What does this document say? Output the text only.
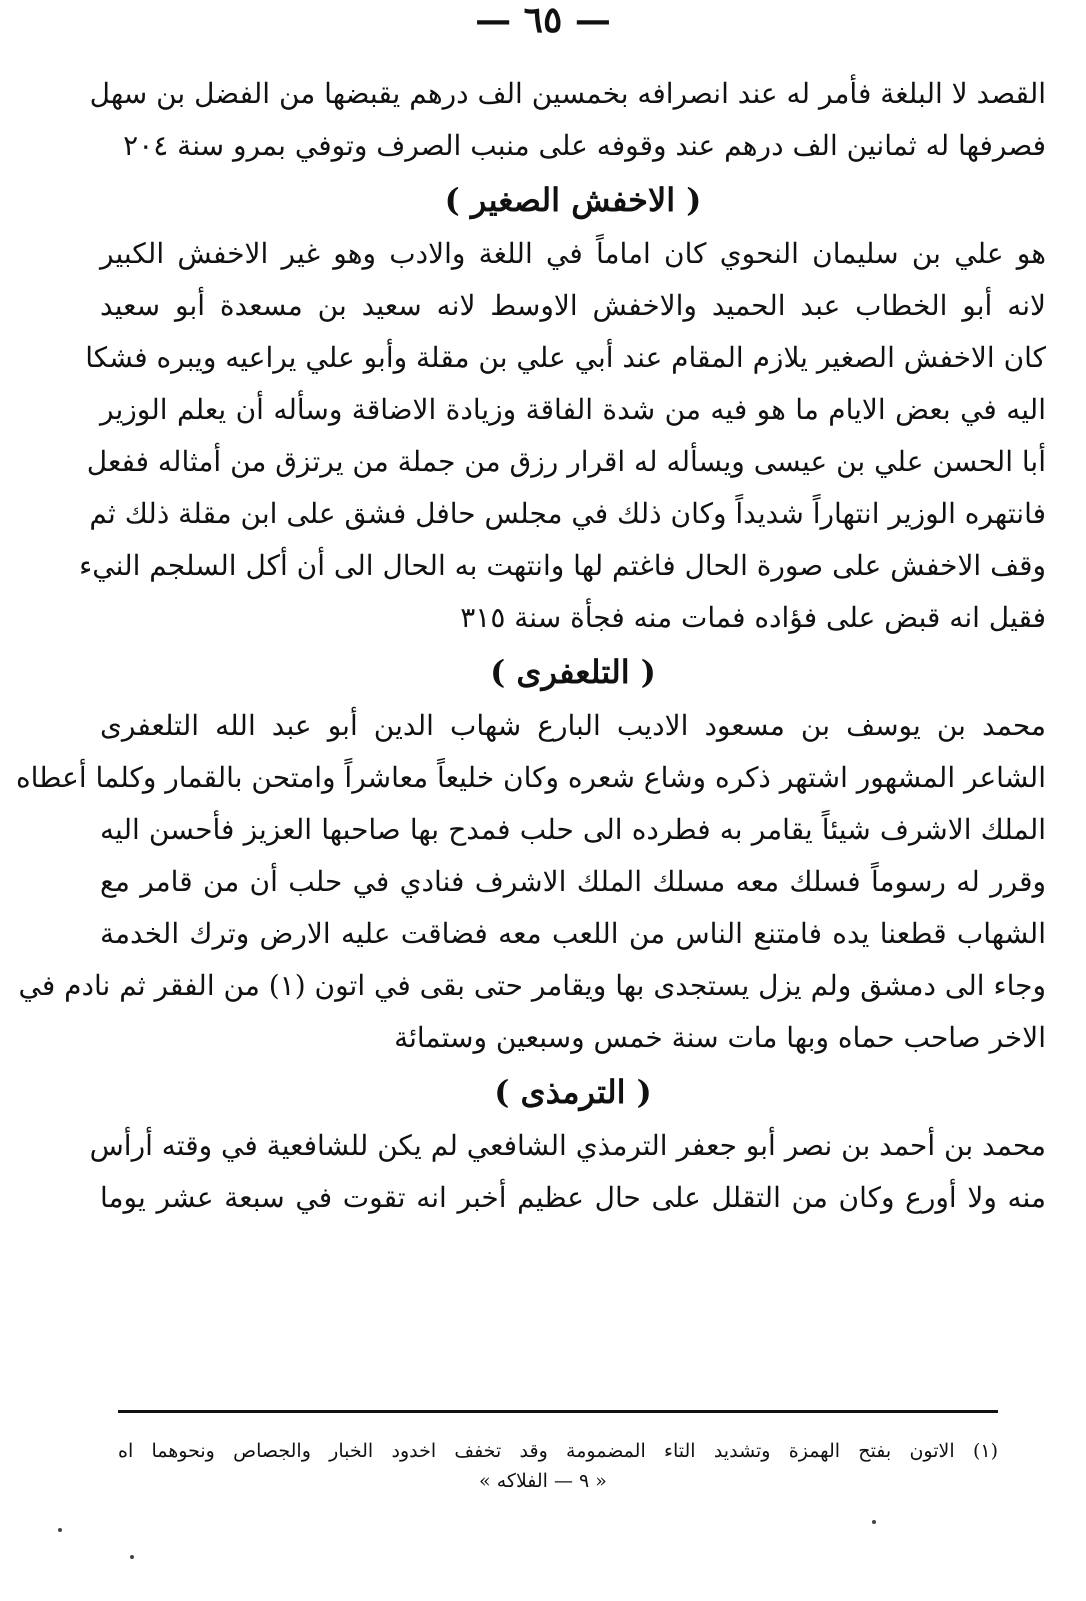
— ٦٥ —
القصد لا البلغة فأمر له عند انصرافه بخمسين الف درهم يقبضها من الفضل بن سهل
فصرفها له ثمانين الف درهم عند وقوفه على منبب الصرف وتوفي بمرو سنة ٢٠٤
( الاخفش الصغير )
هو علي بن سليمان النحوي كان اماماً في اللغة والادب وهو غير الاخفش الكبير
لانه أبو الخطاب عبد الحميد والاخفش الاوسط لانه سعيد بن مسعدة أبو سعيد
كان الاخفش الصغير يلازم المقام عند أبي علي بن مقلة وأبو علي يراعيه ويبره فشكا
اليه في بعض الايام ما هو فيه من شدة الفاقة وزيادة الاضاقة وسأله أن يعلم الوزير
أبا الحسن علي بن عيسى ويسأله له اقرار رزق من جملة من يرتزق من أمثاله ففعل
فانتهره الوزير انتهاراً شديداً وكان ذلك في مجلس حافل فشق على ابن مقلة ذلك ثم
وقف الاخفش على صورة الحال فاغتم لها وانتهت به الحال الى أن أكل السلجم النيء
فقيل انه قبض على فؤاده فمات منه فجأة سنة ٣١٥
( التلعفرى )
محمد بن يوسف بن مسعود الاديب البارع شهاب الدين أبو عبد الله التلعفرى
الشاعر المشهور اشتهر ذكره وشاع شعره وكان خليعاً معاشراً وامتحن بالقمار وكلما أعطاه
الملك الاشرف شيئاً يقامر به فطرده الى حلب فمدح بها صاحبها العزيز فأحسن اليه
وقرر له رسوماً فسلك معه مسلك الملك الاشرف فنادي في حلب أن من قامر مع
الشهاب قطعنا يده فامتنع الناس من اللعب معه فضاقت عليه الارض وترك الخدمة
وجاء الى دمشق ولم يزل يستجدى بها ويقامر حتى بقى في اتون (١) من الفقر ثم نادم في
الاخر صاحب حماه وبها مات سنة خمس وسبعين وستمائة
( الترمذى )
محمد بن أحمد بن نصر أبو جعفر الترمذي الشافعي لم يكن للشافعية في وقته أرأس
منه ولا أورع وكان من التقلل على حال عظيم أخبر انه تقوت في سبعة عشر يوما
(١) الاتون بفتح الهمزة وتشديد التاء المضمومة وقد تخفف اخدود الخبار والجصاص ونحوهما اه
« ٩ — الفلاكه »
